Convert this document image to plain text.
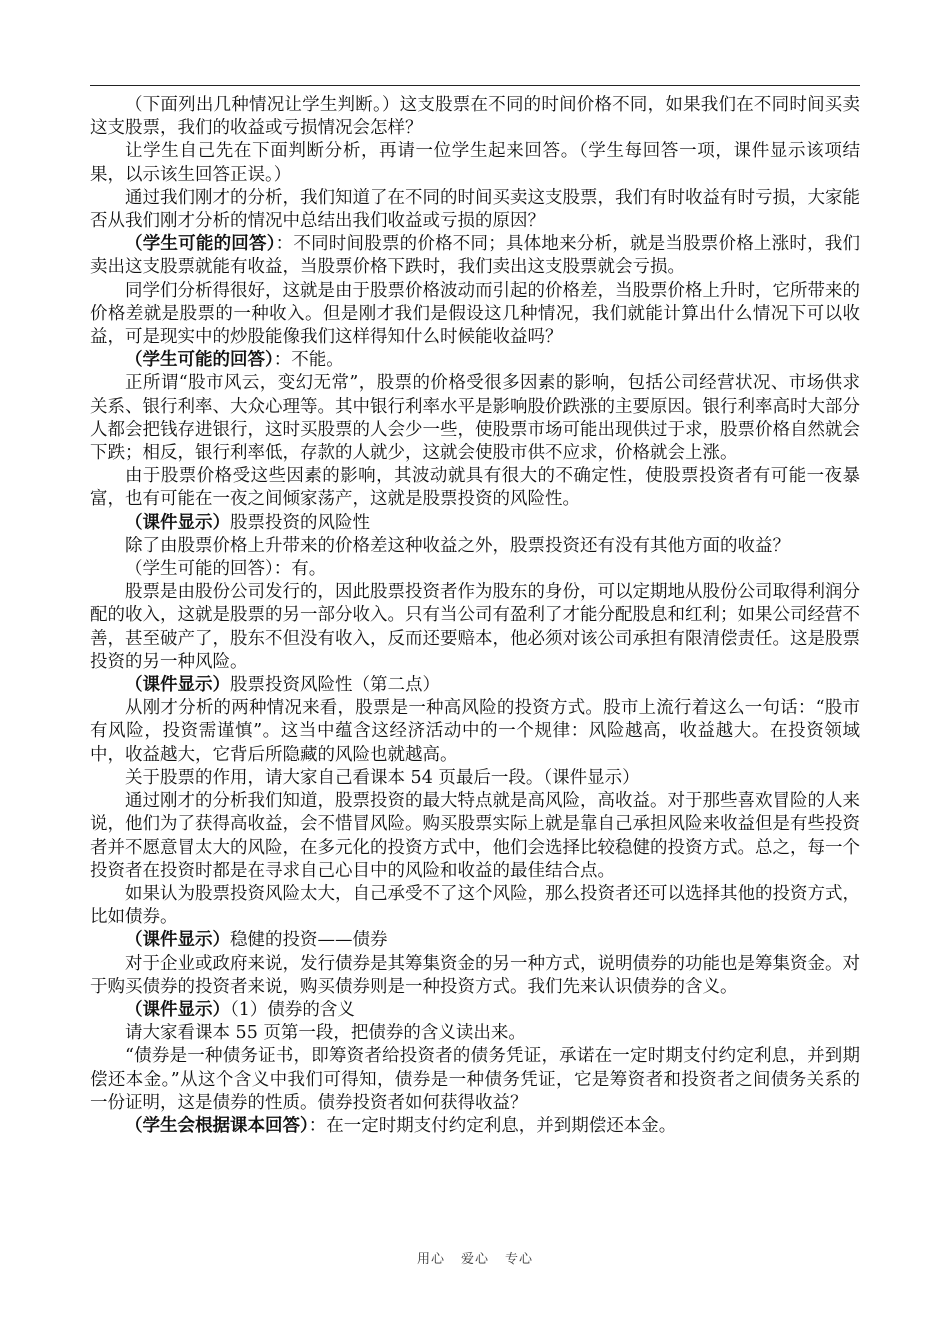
（下面列出几种情况让学生判断。）这支股票在不同的时间价格不同，如果我们在不同时间买卖这支股票，我们的收益或亏损情况会怎样？

让学生自己先在下面判断分析，再请一位学生起来回答。（学生每回答一项，课件显示该项结果，以示该生回答正误。）

通过我们刚才的分析，我们知道了在不同的时间买卖这支股票，我们有时收益有时亏损，大家能否从我们刚才分析的情况中总结出我们收益或亏损的原因？

（学生可能的回答）：不同时间股票的价格不同；具体地来分析，就是当股票价格上涨时，我们卖出这支股票就能有收益，当股票价格下跌时，我们卖出这支股票就会亏损。

同学们分析得很好，这就是由于股票价格波动而引起的价格差，当股票价格上升时，它所带来的价格差就是股票的一种收入。但是刚才我们是假设这几种情况，我们就能计算出什么情况下可以收益，可是现实中的炒股能像我们这样得知什么时候能收益吗？

（学生可能的回答）：不能。

正所谓“股市风云，变幻无常”，股票的价格受很多因素的影响，包括公司经营状况、市场供求关系、银行利率、大众心理等。其中银行利率水平是影响股价跌涨的主要原因。银行利率高时大部分人都会把钱存进银行，这时买股票的人会少一些，使股票市场可能出现供过于求，股票价格自然就会下跌；相反，银行利率低，存款的人就少，这就会使股市供不应求，价格就会上涨。

由于股票价格受这些因素的影响，其波动就具有很大的不确定性，使股票投资者有可能一夜暴富，也有可能在一夜之间倾家荡产，这就是股票投资的风险性。

（课件显示）股票投资的风险性

除了由股票价格上升带来的价格差这种收益之外，股票投资还有没有其他方面的收益？

（学生可能的回答）：有。

股票是由股份公司发行的，因此股票投资者作为股东的身份，可以定期地从股份公司取得利润分配的收入，这就是股票的另一部分收入。只有当公司有盈利了才能分配股息和红利；如果公司经营不善，甚至破产了，股东不但没有收入，反而还要赔本，他必须对该公司承担有限清偿责任。这是股票投资的另一种风险。

（课件显示）股票投资风险性（第二点）

从刚才分析的两种情况来看，股票是一种高风险的投资方式。股市上流行着这么一句话：“股市有风险，投资需谨慎”。这当中蕴含这经济活动中的一个规律：风险越高，收益越大。在投资领域中，收益越大，它背后所隐藏的风险也就越高。

关于股票的作用，请大家自己看课本 54 页最后一段。（课件显示）

通过刚才的分析我们知道，股票投资的最大特点就是高风险，高收益。对于那些喜欢冒险的人来说，他们为了获得高收益，会不惜冒风险。购买股票实际上就是靠自己承担风险来收益但是有些投资者并不愿意冒太大的风险，在多元化的投资方式中，他们会选择比较稳健的投资方式。总之，每一个投资者在投资时都是在寻求自己心目中的风险和收益的最佳结合点。

如果认为股票投资风险太大，自己承受不了这个风险，那么投资者还可以选择其他的投资方式，比如债券。

（课件显示）稳健的投资——债券

对于企业或政府来说，发行债券是其筹集资金的另一种方式，说明债券的功能也是筹集资金。对于购买债券的投资者来说，购买债券则是一种投资方式。我们先来认识债券的含义。

（课件显示）（1）债券的含义

请大家看课本 55 页第一段，把债券的含义读出来。

“债券是一种债务证书，即筹资者给投资者的债务凭证，承诺在一定时期支付约定利息，并到期偿还本金。”从这个含义中我们可得知，债券是一种债务凭证，它是筹资者和投资者之间债务关系的一份证明，这是债券的性质。债券投资者如何获得收益？

（学生会根据课本回答）：在一定时期支付约定利息，并到期偿还本金。

用心 爱心 专心
